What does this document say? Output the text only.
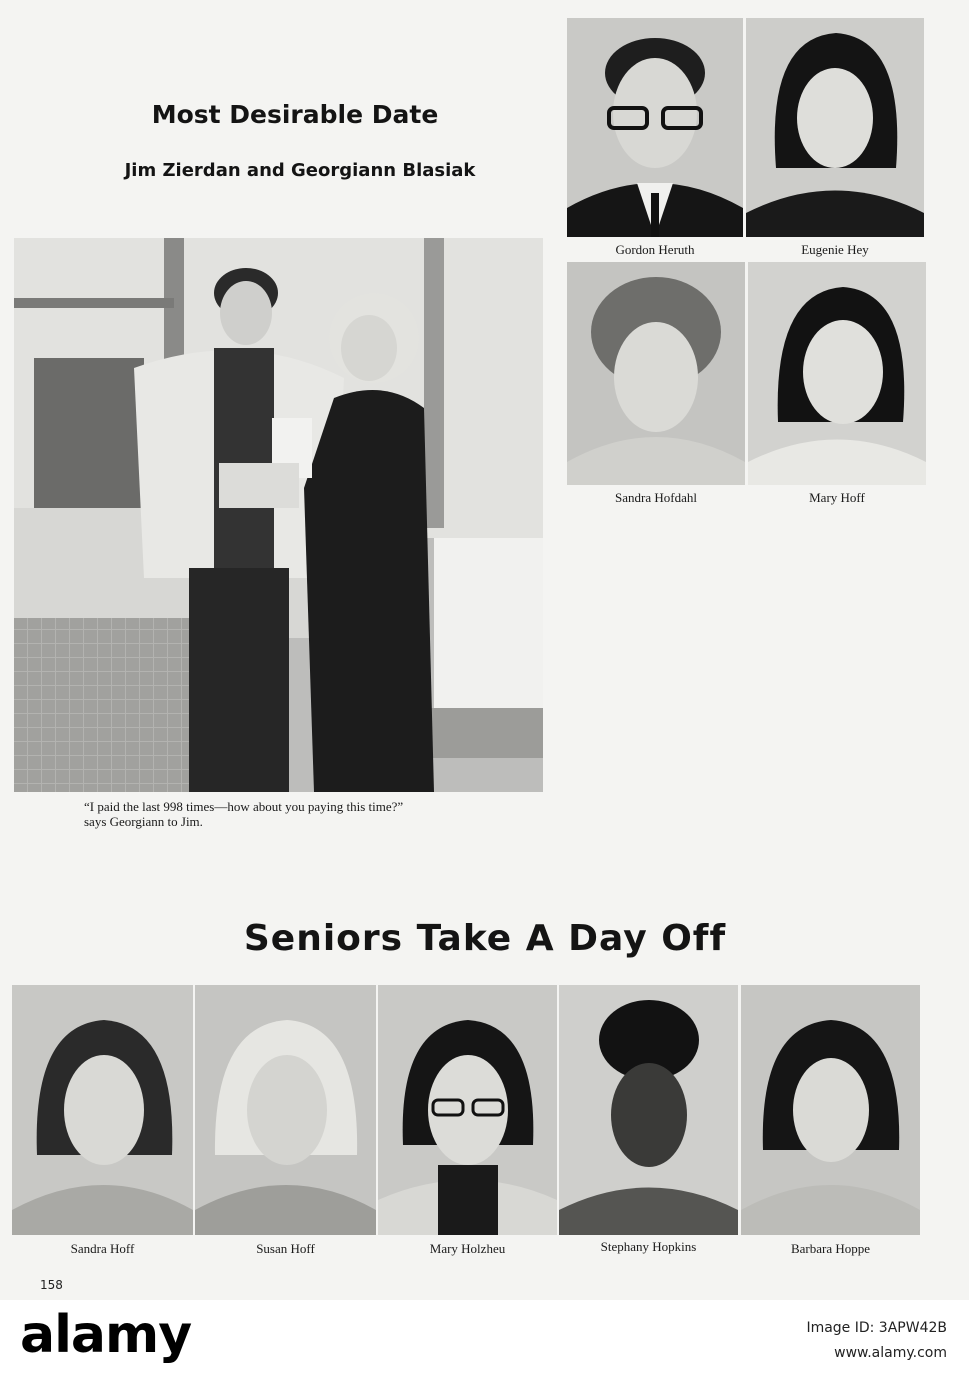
Most Desirable Date
Jim Zierdan and Georgiann Blasiak
“I paid the last 998 times—how about you paying this time?”
says Georgiann to Jim.
Gordon Heruth	Eugenie Hey
Sandra Hofdahl	Mary Hoff
Seniors Take A Day Off
Sandra Hoff	Susan Hoff	Mary Holzheu	Stephany Hopkins	Barbara Hoppe
158
alamy	Image ID: 3APW42B
www.alamy.com
